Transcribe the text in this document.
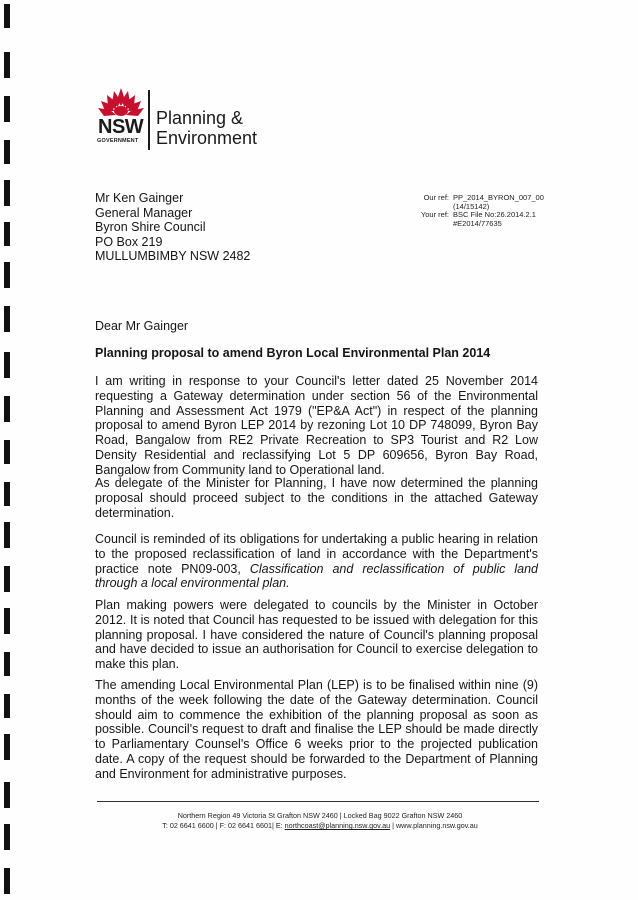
NSW
GOVERNMENT
Planning &
Environment
Mr Ken Gainger
General Manager
Byron Shire Council
PO Box 219
MULLUMBIMBY NSW 2482
Our ref: PP_2014_BYRON_007_00
(14/15142)
Your ref: BSC File No:26.2014.2.1
#E2014/77635
Dear Mr Gainger
Planning proposal to amend Byron Local Environmental Plan 2014

I am writing in response to your Council's letter dated 25 November 2014 requesting a Gateway determination under section 56 of the Environmental Planning and Assessment Act 1979 ("EP&A Act") in respect of the planning proposal to amend Byron LEP 2014 by rezoning Lot 10 DP 748099, Byron Bay Road, Bangalow from RE2 Private Recreation to SP3 Tourist and R2 Low Density Residential and reclassifying Lot 5 DP 609656, Byron Bay Road, Bangalow from Community land to Operational land.

As delegate of the Minister for Planning, I have now determined the planning proposal should proceed subject to the conditions in the attached Gateway determination.

Council is reminded of its obligations for undertaking a public hearing in relation to the proposed reclassification of land in accordance with the Department's practice note PN09-003, Classification and reclassification of public land through a local environmental plan.

Plan making powers were delegated to councils by the Minister in October 2012. It is noted that Council has requested to be issued with delegation for this planning proposal. I have considered the nature of Council's planning proposal and have decided to issue an authorisation for Council to exercise delegation to make this plan.

The amending Local Environmental Plan (LEP) is to be finalised within nine (9) months of the week following the date of the Gateway determination. Council should aim to commence the exhibition of the planning proposal as soon as possible. Council's request to draft and finalise the LEP should be made directly to Parliamentary Counsel's Office 6 weeks prior to the projected publication date. A copy of the request should be forwarded to the Department of Planning and Environment for administrative purposes.

Northern Region 49 Victoria St Grafton NSW 2460 | Locked Bag 9022 Grafton NSW 2460
T: 02 6641 6600 | F: 02 6641 6601| E: northcoast@planning.nsw.gov.au | www.planning.nsw.gov.au
